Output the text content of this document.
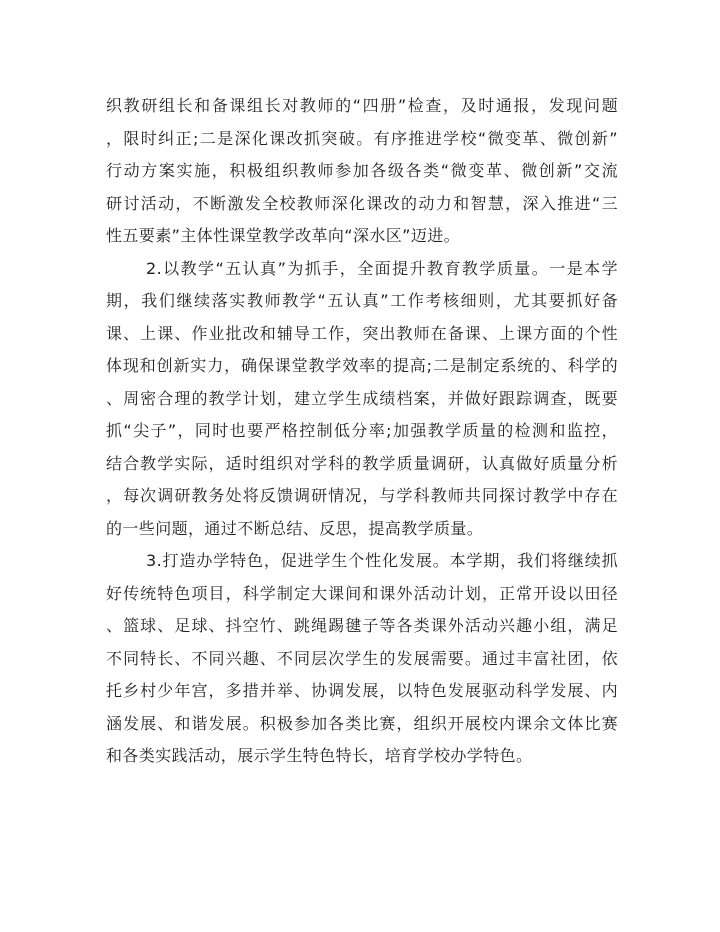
织教研组长和备课组长对教师的“四册”检查，及时通报，发现问题
，限时纠正;二是深化课改抓突破。有序推进学校“微变革、微创新”
行动方案实施，积极组织教师参加各级各类“微变革、微创新”交流
研讨活动，不断激发全校教师深化课改的动力和智慧，深入推进“三
性五要素”主体性课堂教学改革向“深水区”迈进。
2.以教学“五认真”为抓手，全面提升教育教学质量。一是本学
期，我们继续落实教师教学“五认真”工作考核细则，尤其要抓好备
课、上课、作业批改和辅导工作，突出教师在备课、上课方面的个性
体现和创新实力，确保课堂教学效率的提高;二是制定系统的、科学的
、周密合理的教学计划，建立学生成绩档案，并做好跟踪调查，既要
抓“尖子”，同时也要严格控制低分率;加强教学质量的检测和监控，
结合教学实际，适时组织对学科的教学质量调研，认真做好质量分析
，每次调研教务处将反馈调研情况，与学科教师共同探讨教学中存在
的一些问题，通过不断总结、反思，提高教学质量。
3.打造办学特色，促进学生个性化发展。本学期，我们将继续抓
好传统特色项目，科学制定大课间和课外活动计划，正常开设以田径
、篮球、足球、抖空竹、跳绳踢毽子等各类课外活动兴趣小组，满足
不同特长、不同兴趣、不同层次学生的发展需要。通过丰富社团，依
托乡村少年宫，多措并举、协调发展，以特色发展驱动科学发展、内
涵发展、和谐发展。积极参加各类比赛，组织开展校内课余文体比赛
和各类实践活动，展示学生特色特长，培育学校办学特色。
